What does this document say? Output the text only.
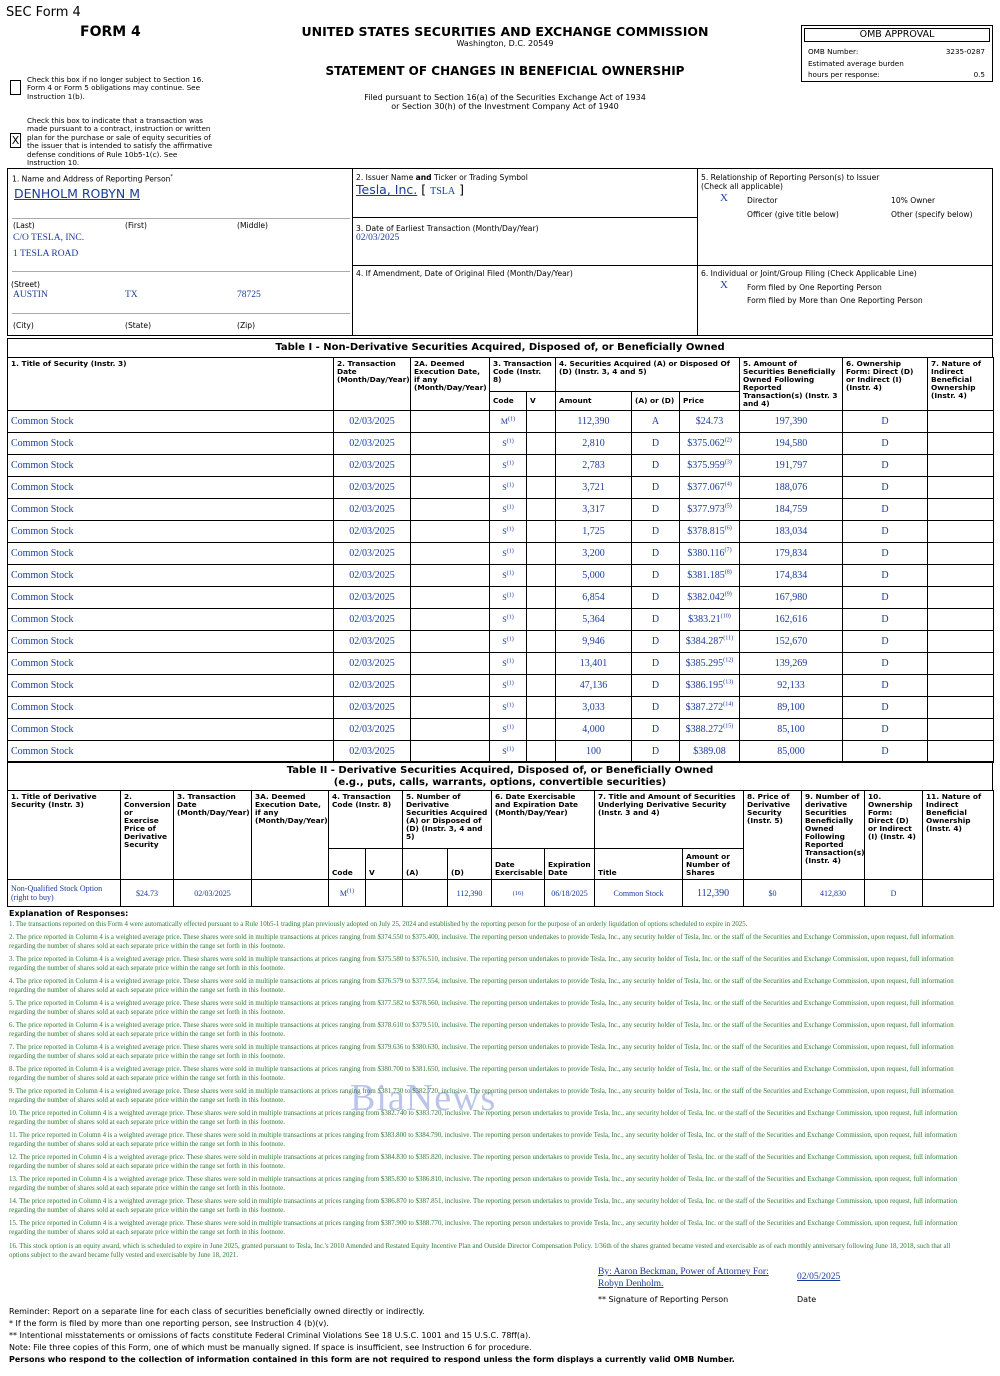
SEC Form 4
FORM 4	UNITED STATES SECURITIES AND EXCHANGE COMMISSION
Washington, D.C. 20549
STATEMENT OF CHANGES IN BENEFICIAL OWNERSHIP
Filed pursuant to Section 16(a) of the Securities Exchange Act of 1934
or Section 30(h) of the Investment Company Act of 1940
OMB APPROVAL
OMB Number:	3235-0287
Estimated average burden
hours per response:	0.5
Check this box if no longer subject to Section 16. Form 4 or Form 5 obligations may continue. See Instruction 1(b).
X
Check this box to indicate that a transaction was made pursuant to a contract, instruction or written plan for the purchase or sale of equity securities of the issuer that is intended to satisfy the affirmative defense conditions of Rule 10b5-1(c). See Instruction 10.
1. Name and Address of Reporting Person*
DENHOLM ROBYN M
(Last)	(First)	(Middle)
C/O TESLA, INC.
1 TESLA ROAD
(Street)
AUSTIN	TX	78725
(City)	(State)	(Zip)
2. Issuer Name and Ticker or Trading Symbol
Tesla, Inc. [ TSLA ]
3. Date of Earliest Transaction (Month/Day/Year)
02/03/2025
4. If Amendment, Date of Original Filed (Month/Day/Year)
5. Relationship of Reporting Person(s) to Issuer
(Check all applicable)
X	Director	10% Owner
Officer (give title below)	Other (specify below)
6. Individual or Joint/Group Filing (Check Applicable Line)
X	Form filed by One Reporting Person
Form filed by More than One Reporting Person
Table I - Non-Derivative Securities Acquired, Disposed of, or Beneficially Owned
1. Title of Security (Instr. 3)	2. Transaction Date (Month/Day/Year)	2A. Deemed Execution Date, if any (Month/Day/Year)	3. Transaction Code (Instr. 8)		4. Securities Acquired (A) or Disposed Of (D) (Instr. 3, 4 and 5)			5. Amount of Securities Beneficially Owned Following Reported Transaction(s) (Instr. 3 and 4)	6. Ownership Form: Direct (D) or Indirect (I) (Instr. 4)	7. Nature of Indirect Beneficial Ownership (Instr. 4)
			Code	V	Amount	(A) or (D)	Price			
Common Stock	02/03/2025		M$^{(1)}$		112,390	A	$24.73	197,390	D	
Common Stock	02/03/2025		S$^{(1)}$		2,810	D	$375.062$^{(2)}$	194,580	D	
Common Stock	02/03/2025		S$^{(1)}$		2,783	D	$375.959$^{(3)}$	191,797	D	
Common Stock	02/03/2025		S$^{(1)}$		3,721	D	$377.067$^{(4)}$	188,076	D	
Common Stock	02/03/2025		S$^{(1)}$		3,317	D	$377.973$^{(5)}$	184,759	D	
Common Stock	02/03/2025		S$^{(1)}$		1,725	D	$378.815$^{(6)}$	183,034	D	
Common Stock	02/03/2025		S$^{(1)}$		3,200	D	$380.116$^{(7)}$	179,834	D	
Common Stock	02/03/2025		S$^{(1)}$		5,000	D	$381.185$^{(8)}$	174,834	D	
Common Stock	02/03/2025		S$^{(1)}$		6,854	D	$382.042$^{(9)}$	167,980	D	
Common Stock	02/03/2025		S$^{(1)}$		5,364	D	$383.21$^{(10)}$	162,616	D	
Common Stock	02/03/2025		S$^{(1)}$		9,946	D	$384.287$^{(11)}$	152,670	D	
Common Stock	02/03/2025		S$^{(1)}$		13,401	D	$385.295$^{(12)}$	139,269	D	
Common Stock	02/03/2025		S$^{(1)}$		47,136	D	$386.195$^{(13)}$	92,133	D	
Common Stock	02/03/2025		S$^{(1)}$		3,033	D	$387.272$^{(14)}$	89,100	D	
Common Stock	02/03/2025		S$^{(1)}$		4,000	D	$388.272$^{(15)}$	85,100	D	
Common Stock	02/03/2025		S$^{(1)}$		100	D	$389.08	85,000	D	
Table II - Derivative Securities Acquired, Disposed of, or Beneficially Owned
(e.g., puts, calls, warrants, options, convertible securities)
1. Title of Derivative Security (Instr. 3)	2. Conversion or Exercise Price of Derivative Security	3. Transaction Date (Month/Day/Year)	3A. Deemed Execution Date, if any (Month/Day/Year)	4. Transaction Code (Instr. 8)		5. Number of Derivative Securities Acquired (A) or Disposed of (D) (Instr. 3, 4 and 5)		6. Date Exercisable and Expiration Date (Month/Day/Year)		7. Title and Amount of Securities Underlying Derivative Security (Instr. 3 and 4)		8. Price of Derivative Security (Instr. 5)	9. Number of derivative Securities Beneficially Owned Following Reported Transaction(s) (Instr. 4)	10. Ownership Form: Direct (D) or Indirect (I) (Instr. 4)	11. Nature of Indirect Beneficial Ownership (Instr. 4)
				Code	V	(A)	(D)	Date Exercisable	Expiration Date	Title	Amount or Number of Shares				
Non-Qualified Stock Option (right to buy)	$24.73	02/03/2025		M$^{(1)}$			112,390	(16)	06/18/2025	Common Stock	112,390	$0	412,830	D	
Explanation of Responses:
1. The transactions reported on this Form 4 were automatically effected pursuant to a Rule 10b5-1 trading plan previously adopted on July 25, 2024 and established by the reporting person for the purpose of an orderly liquidation of options scheduled to expire in 2025.
2. The price reported in Column 4 is a weighted average price. These shares were sold in multiple transactions at prices ranging from $374.550 to $375.400, inclusive. The reporting person undertakes to provide Tesla, Inc., any security holder of Tesla, Inc. or the staff of the Securities and Exchange Commission, upon request, full information regarding the number of shares sold at each separate price within the range set forth in this footnote.
3. The price reported in Column 4 is a weighted average price. These shares were sold in multiple transactions at prices ranging from $375.580 to $376.510, inclusive. The reporting person undertakes to provide Tesla, Inc., any security holder of Tesla, Inc. or the staff of the Securities and Exchange Commission, upon request, full information regarding the number of shares sold at each separate price within the range set forth in this footnote.
4. The price reported in Column 4 is a weighted average price. These shares were sold in multiple transactions at prices ranging from $376.579 to $377.554, inclusive. The reporting person undertakes to provide Tesla, Inc., any security holder of Tesla, Inc. or the staff of the Securities and Exchange Commission, upon request, full information regarding the number of shares sold at each separate price within the range set forth in this footnote.
5. The price reported in Column 4 is a weighted average price. These shares were sold in multiple transactions at prices ranging from $377.582 to $378.560, inclusive. The reporting person undertakes to provide Tesla, Inc., any security holder of Tesla, Inc. or the staff of the Securities and Exchange Commission, upon request, full information regarding the number of shares sold at each separate price within the range set forth in this footnote.
6. The price reported in Column 4 is a weighted average price. These shares were sold in multiple transactions at prices ranging from $378.610 to $379.510, inclusive. The reporting person undertakes to provide Tesla, Inc., any security holder of Tesla, Inc. or the staff of the Securities and Exchange Commission, upon request, full information regarding the number of shares sold at each separate price within the range set forth in this footnote.
7. The price reported in Column 4 is a weighted average price. These shares were sold in multiple transactions at prices ranging from $379.636 to $380.630, inclusive. The reporting person undertakes to provide Tesla, Inc., any security holder of Tesla, Inc. or the staff of the Securities and Exchange Commission, upon request, full information regarding the number of shares sold at each separate price within the range set forth in this footnote.
8. The price reported in Column 4 is a weighted average price. These shares were sold in multiple transactions at prices ranging from $380.700 to $381.650, inclusive. The reporting person undertakes to provide Tesla, Inc., any security holder of Tesla, Inc. or the staff of the Securities and Exchange Commission, upon request, full information regarding the number of shares sold at each separate price within the range set forth in this footnote.
9. The price reported in Column 4 is a weighted average price. These shares were sold in multiple transactions at prices ranging from $381.730 to $382.720, inclusive. The reporting person undertakes to provide Tesla, Inc., any security holder of Tesla, Inc. or the staff of the Securities and Exchange Commission, upon request, full information regarding the number of shares sold at each separate price within the range set forth in this footnote.
10. The price reported in Column 4 is a weighted average price. These shares were sold in multiple transactions at prices ranging from $382.740 to $383.720, inclusive. The reporting person undertakes to provide Tesla, Inc., any security holder of Tesla, Inc. or the staff of the Securities and Exchange Commission, upon request, full information regarding the number of shares sold at each separate price within the range set forth in this footnote.
11. The price reported in Column 4 is a weighted average price. These shares were sold in multiple transactions at prices ranging from $383.800 to $384.790, inclusive. The reporting person undertakes to provide Tesla, Inc., any security holder of Tesla, Inc. or the staff of the Securities and Exchange Commission, upon request, full information regarding the number of shares sold at each separate price within the range set forth in this footnote.
12. The price reported in Column 4 is a weighted average price. These shares were sold in multiple transactions at prices ranging from $384.830 to $385.820, inclusive. The reporting person undertakes to provide Tesla, Inc., any security holder of Tesla, Inc. or the staff of the Securities and Exchange Commission, upon request, full information regarding the number of shares sold at each separate price within the range set forth in this footnote.
13. The price reported in Column 4 is a weighted average price. These shares were sold in multiple transactions at prices ranging from $385.830 to $386.810, inclusive. The reporting person undertakes to provide Tesla, Inc., any security holder of Tesla, Inc. or the staff of the Securities and Exchange Commission, upon request, full information regarding the number of shares sold at each separate price within the range set forth in this footnote.
14. The price reported in Column 4 is a weighted average price. These shares were sold in multiple transactions at prices ranging from $386.870 to $387.851, inclusive. The reporting person undertakes to provide Tesla, Inc., any security holder of Tesla, Inc. or the staff of the Securities and Exchange Commission, upon request, full information regarding the number of shares sold at each separate price within the range set forth in this footnote.
15. The price reported in Column 4 is a weighted average price. These shares were sold in multiple transactions at prices ranging from $387.900 to $388.770, inclusive. The reporting person undertakes to provide Tesla, Inc., any security holder of Tesla, Inc. or the staff of the Securities and Exchange Commission, upon request, full information regarding the number of shares sold at each separate price within the range set forth in this footnote.
16. This stock option is an equity award, which is scheduled to expire in June 2025, granted pursuant to Tesla, Inc.'s 2010 Amended and Restated Equity Incentive Plan and Outside Director Compensation Policy. 1/36th of the shares granted became vested and exercisable as of each monthly anniversary following June 18, 2018, such that all options subject to the award became fully vested and exercisable by June 18, 2021.
BiaNews
By: Aaron Beckman, Power of Attorney For:
Robyn Denholm.
02/05/2025
** Signature of Reporting Person	Date
Reminder: Report on a separate line for each class of securities beneficially owned directly or indirectly.
* If the form is filed by more than one reporting person, see Instruction 4 (b)(v).
** Intentional misstatements or omissions of facts constitute Federal Criminal Violations See 18 U.S.C. 1001 and 15 U.S.C. 78ff(a).
Note: File three copies of this Form, one of which must be manually signed. If space is insufficient, see Instruction 6 for procedure.
Persons who respond to the collection of information contained in this form are not required to respond unless the form displays a currently valid OMB Number.
